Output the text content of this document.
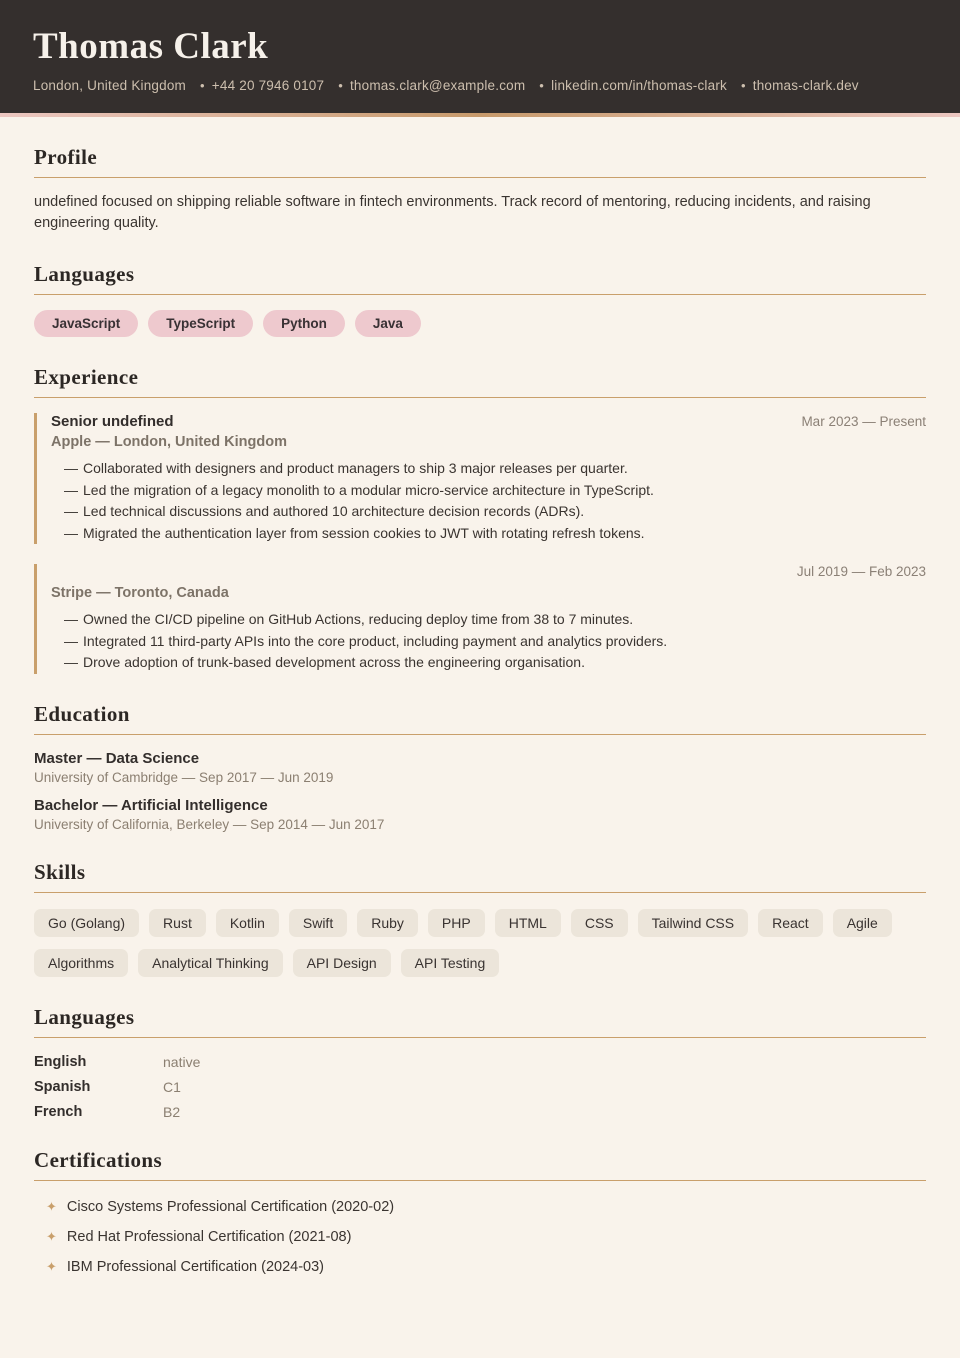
Thomas Clark
London, United Kingdom • +44 20 7946 0107 • thomas.clark@example.com • linkedin.com/in/thomas-clark • thomas-clark.dev
Profile

undefined focused on shipping reliable software in fintech environments. Track record of mentoring, reducing incidents, and raising engineering quality.

Languages
JavaScript	TypeScript	Python	Java
Experience
Senior undefined	Mar 2023 — Present
Apple — London, United Kingdom
— Collaborated with designers and product managers to ship 3 major releases per quarter.
— Led the migration of a legacy monolith to a modular micro-service architecture in TypeScript.
— Led technical discussions and authored 10 architecture decision records (ADRs).
— Migrated the authentication layer from session cookies to JWT with rotating refresh tokens.
Jul 2019 — Feb 2023
Stripe — Toronto, Canada
— Owned the CI/CD pipeline on GitHub Actions, reducing deploy time from 38 to 7 minutes.
— Integrated 11 third-party APIs into the core product, including payment and analytics providers.
— Drove adoption of trunk-based development across the engineering organisation.
Education
Master — Data Science
University of Cambridge — Sep 2017 — Jun 2019
Bachelor — Artificial Intelligence
University of California, Berkeley — Sep 2014 — Jun 2017
Skills
Go (Golang)	Rust	Kotlin	Swift	Ruby	PHP	HTML	CSS	Tailwind CSS	React	Agile
Algorithms	Analytical Thinking	API Design	API Testing
Languages
English	native
Spanish	C1
French	B2
Certifications
✦ Cisco Systems Professional Certification (2020-02)
✦ Red Hat Professional Certification (2021-08)
✦ IBM Professional Certification (2024-03)
